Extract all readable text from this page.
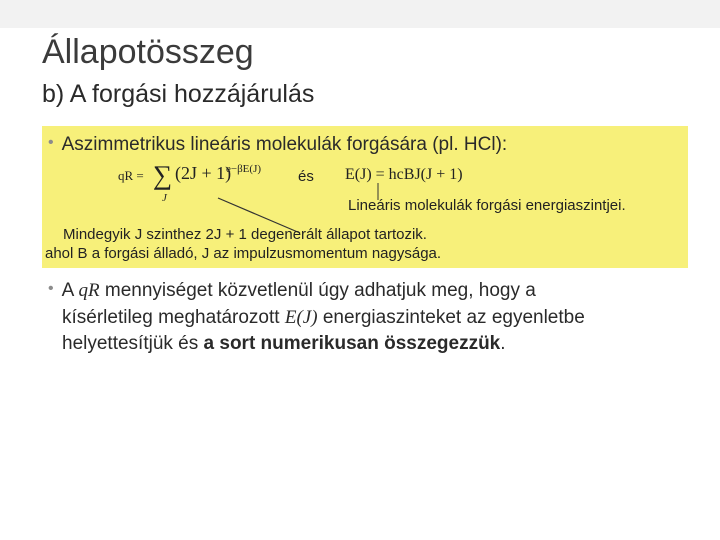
Állapotösszeg
b) A forgási hozzájárulás
• Aszimmetrikus lineáris molekulák forgására (pl. HCl):
qR = ∑
J
(2J + 1)
e−βE(J) és E(J) = hcBJ(J + 1)
Lineáris molekulák forgási energiaszintjei.
Mindegyik J szinthez 2J + 1 degenerált állapot tartozik.
ahol B a forgási álladó, J az impulzusmomentum nagysága.

• A qR mennyiséget közvetlenül úgy adhatjuk meg, hogy a

kísérletileg meghatározott E(J) energiaszinteket az egyenletbe

helyettesítjük és a sort numerikusan összegezzük.
